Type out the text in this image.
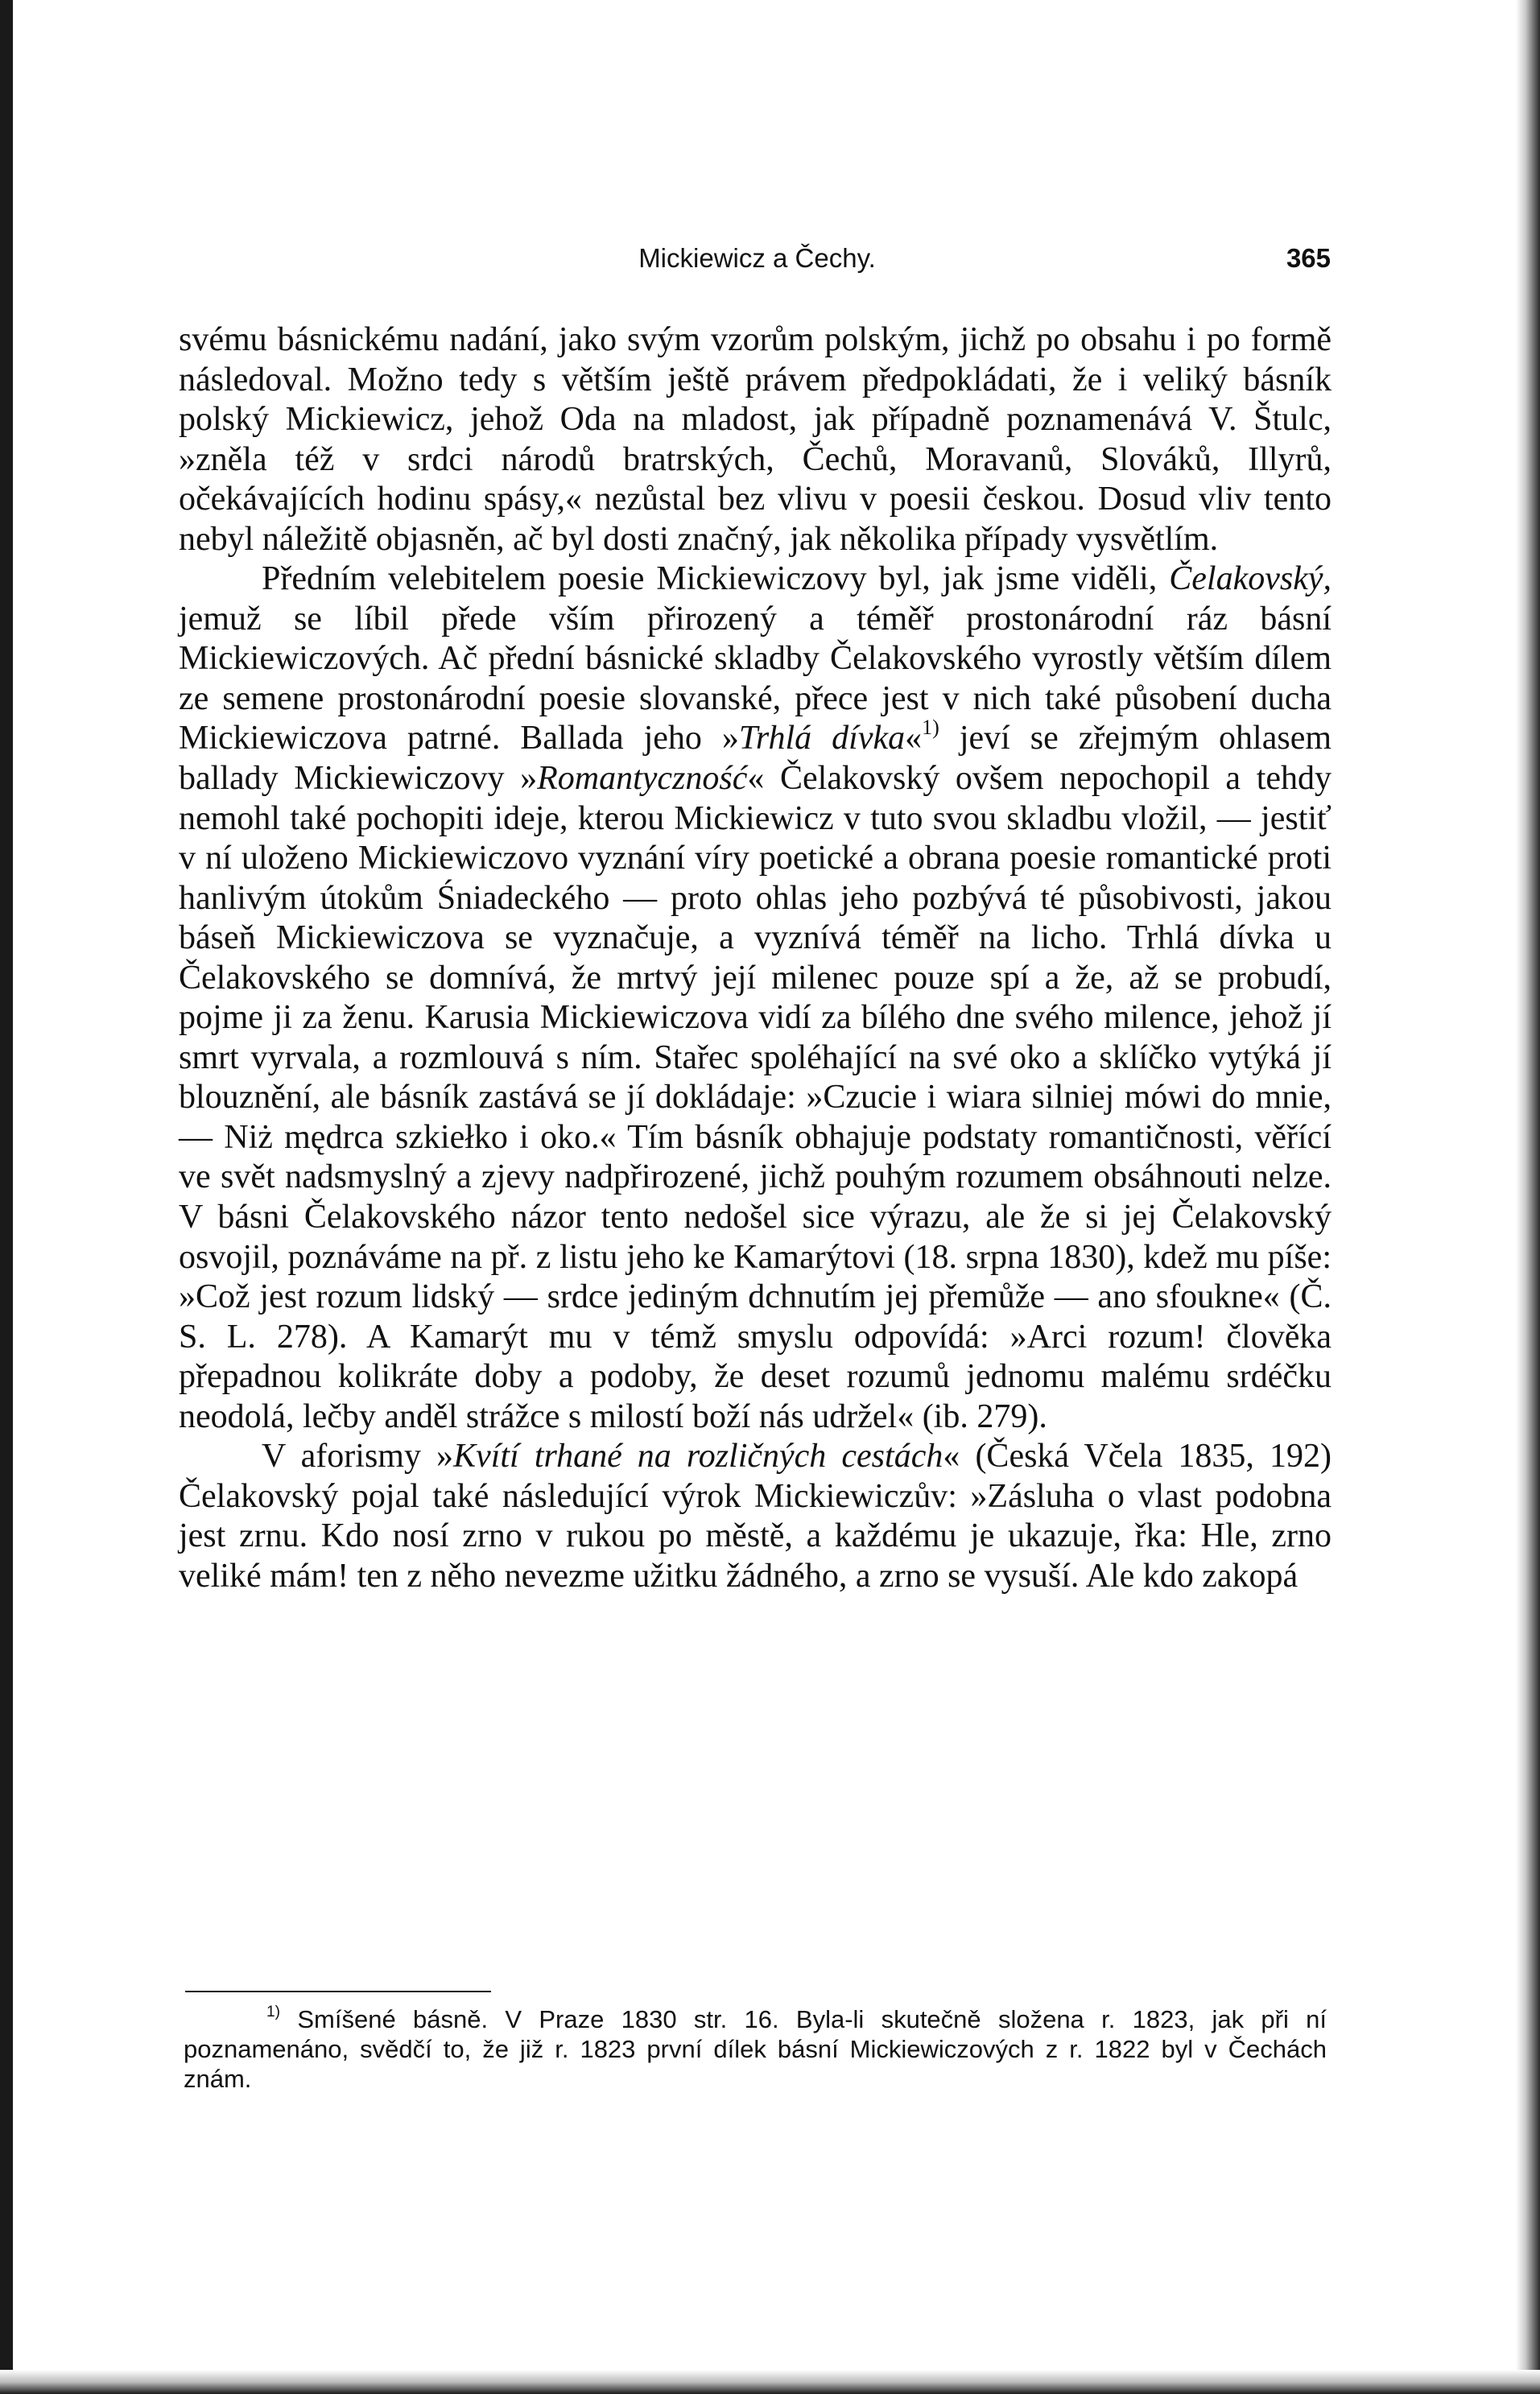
Mickiewicz a Čechy.	365

svému básnickému nadání, jako svým vzorům polským, jichž po obsahu i po formě následoval. Možno tedy s větším ještě právem předpokládati, že i veliký básník polský Mickiewicz, jehož Oda na mladost, jak případně poznamenává V. Štulc, »zněla též v srdci národů bratrských, Čechů, Moravanů, Slováků, Illyrů, očekávajících hodinu spásy,« nezůstal bez vlivu v poesii českou. Dosud vliv tento nebyl náležitě objasněn, ač byl dosti značný, jak několika případy vysvětlím.

Předním velebitelem poesie Mickiewiczovy byl, jak jsme viděli, Čelakovský, jemuž se líbil přede vším přirozený a téměř prostonárodní ráz básní Mickiewiczových. Ač přední básnické skladby Čelakovského vyrostly větším dílem ze semene prostonárodní poesie slovanské, přece jest v nich také působení ducha Mickiewiczova patrné. Ballada jeho »Trhlá dívka«$^{1)}$ jeví se zřejmým ohlasem ballady Mickiewiczovy »Romantyczność« Čelakovský ovšem nepochopil a tehdy nemohl také pochopiti ideje, kterou Mickiewicz v tuto svou skladbu vložil, — jestiť v ní uloženo Mickiewiczovo vyznání víry poetické a obrana poesie romantické proti hanlivým útokům Śniadeckého — proto ohlas jeho pozbývá té působivosti, jakou báseň Mickiewiczova se vyznačuje, a vyznívá téměř na licho. Trhlá dívka u Čelakovského se domnívá, že mrtvý její milenec pouze spí a že, až se probudí, pojme ji za ženu. Karusia Mickiewiczova vidí za bílého dne svého milence, jehož jí smrt vyrvala, a rozmlouvá s ním. Stařec spoléhající na své oko a sklíčko vytýká jí blouznění, ale básník zastává se jí dokládaje: »Czucie i wiara silniej mówi do mnie, — Niż mędrca szkiełko i oko.« Tím básník obhajuje podstaty romantičnosti, věřící ve svět nadsmyslný a zjevy nadpřirozené, jichž pouhým rozumem obsáhnouti nelze. V básni Čelakovského názor tento nedošel sice výrazu, ale že si jej Čelakovský osvojil, poznáváme na př. z listu jeho ke Kamarýtovi (18. srpna 1830), kdež mu píše: »Což jest rozum lidský — srdce jediným dchnutím jej přemůže — ano sfoukne« (Č. S. L. 278). A Kamarýt mu v témž smyslu odpovídá: »Arci rozum! člověka přepadnou kolikráte doby a podoby, že deset rozumů jednomu malému srdéčku neodolá, lečby anděl strážce s milostí boží nás udržel« (ib. 279).

V aforismy »Kvítí trhané na rozličných cestách« (Česká Včela 1835, 192) Čelakovský pojal také následující výrok Mickiewiczův: »Zásluha o vlast podobna jest zrnu. Kdo nosí zrno v rukou po městě, a každému je ukazuje, řka: Hle, zrno veliké mám! ten z něho nevezme užitku žádného, a zrno se vysuší. Ale kdo zakopá

$^{1)}$ Smíšené básně. V Praze 1830 str. 16. Byla-li skutečně složena r. 1823, jak při ní poznamenáno, svědčí to, že již r. 1823 první dílek básní Mickiewiczových z r. 1822 byl v Čechách znám.
